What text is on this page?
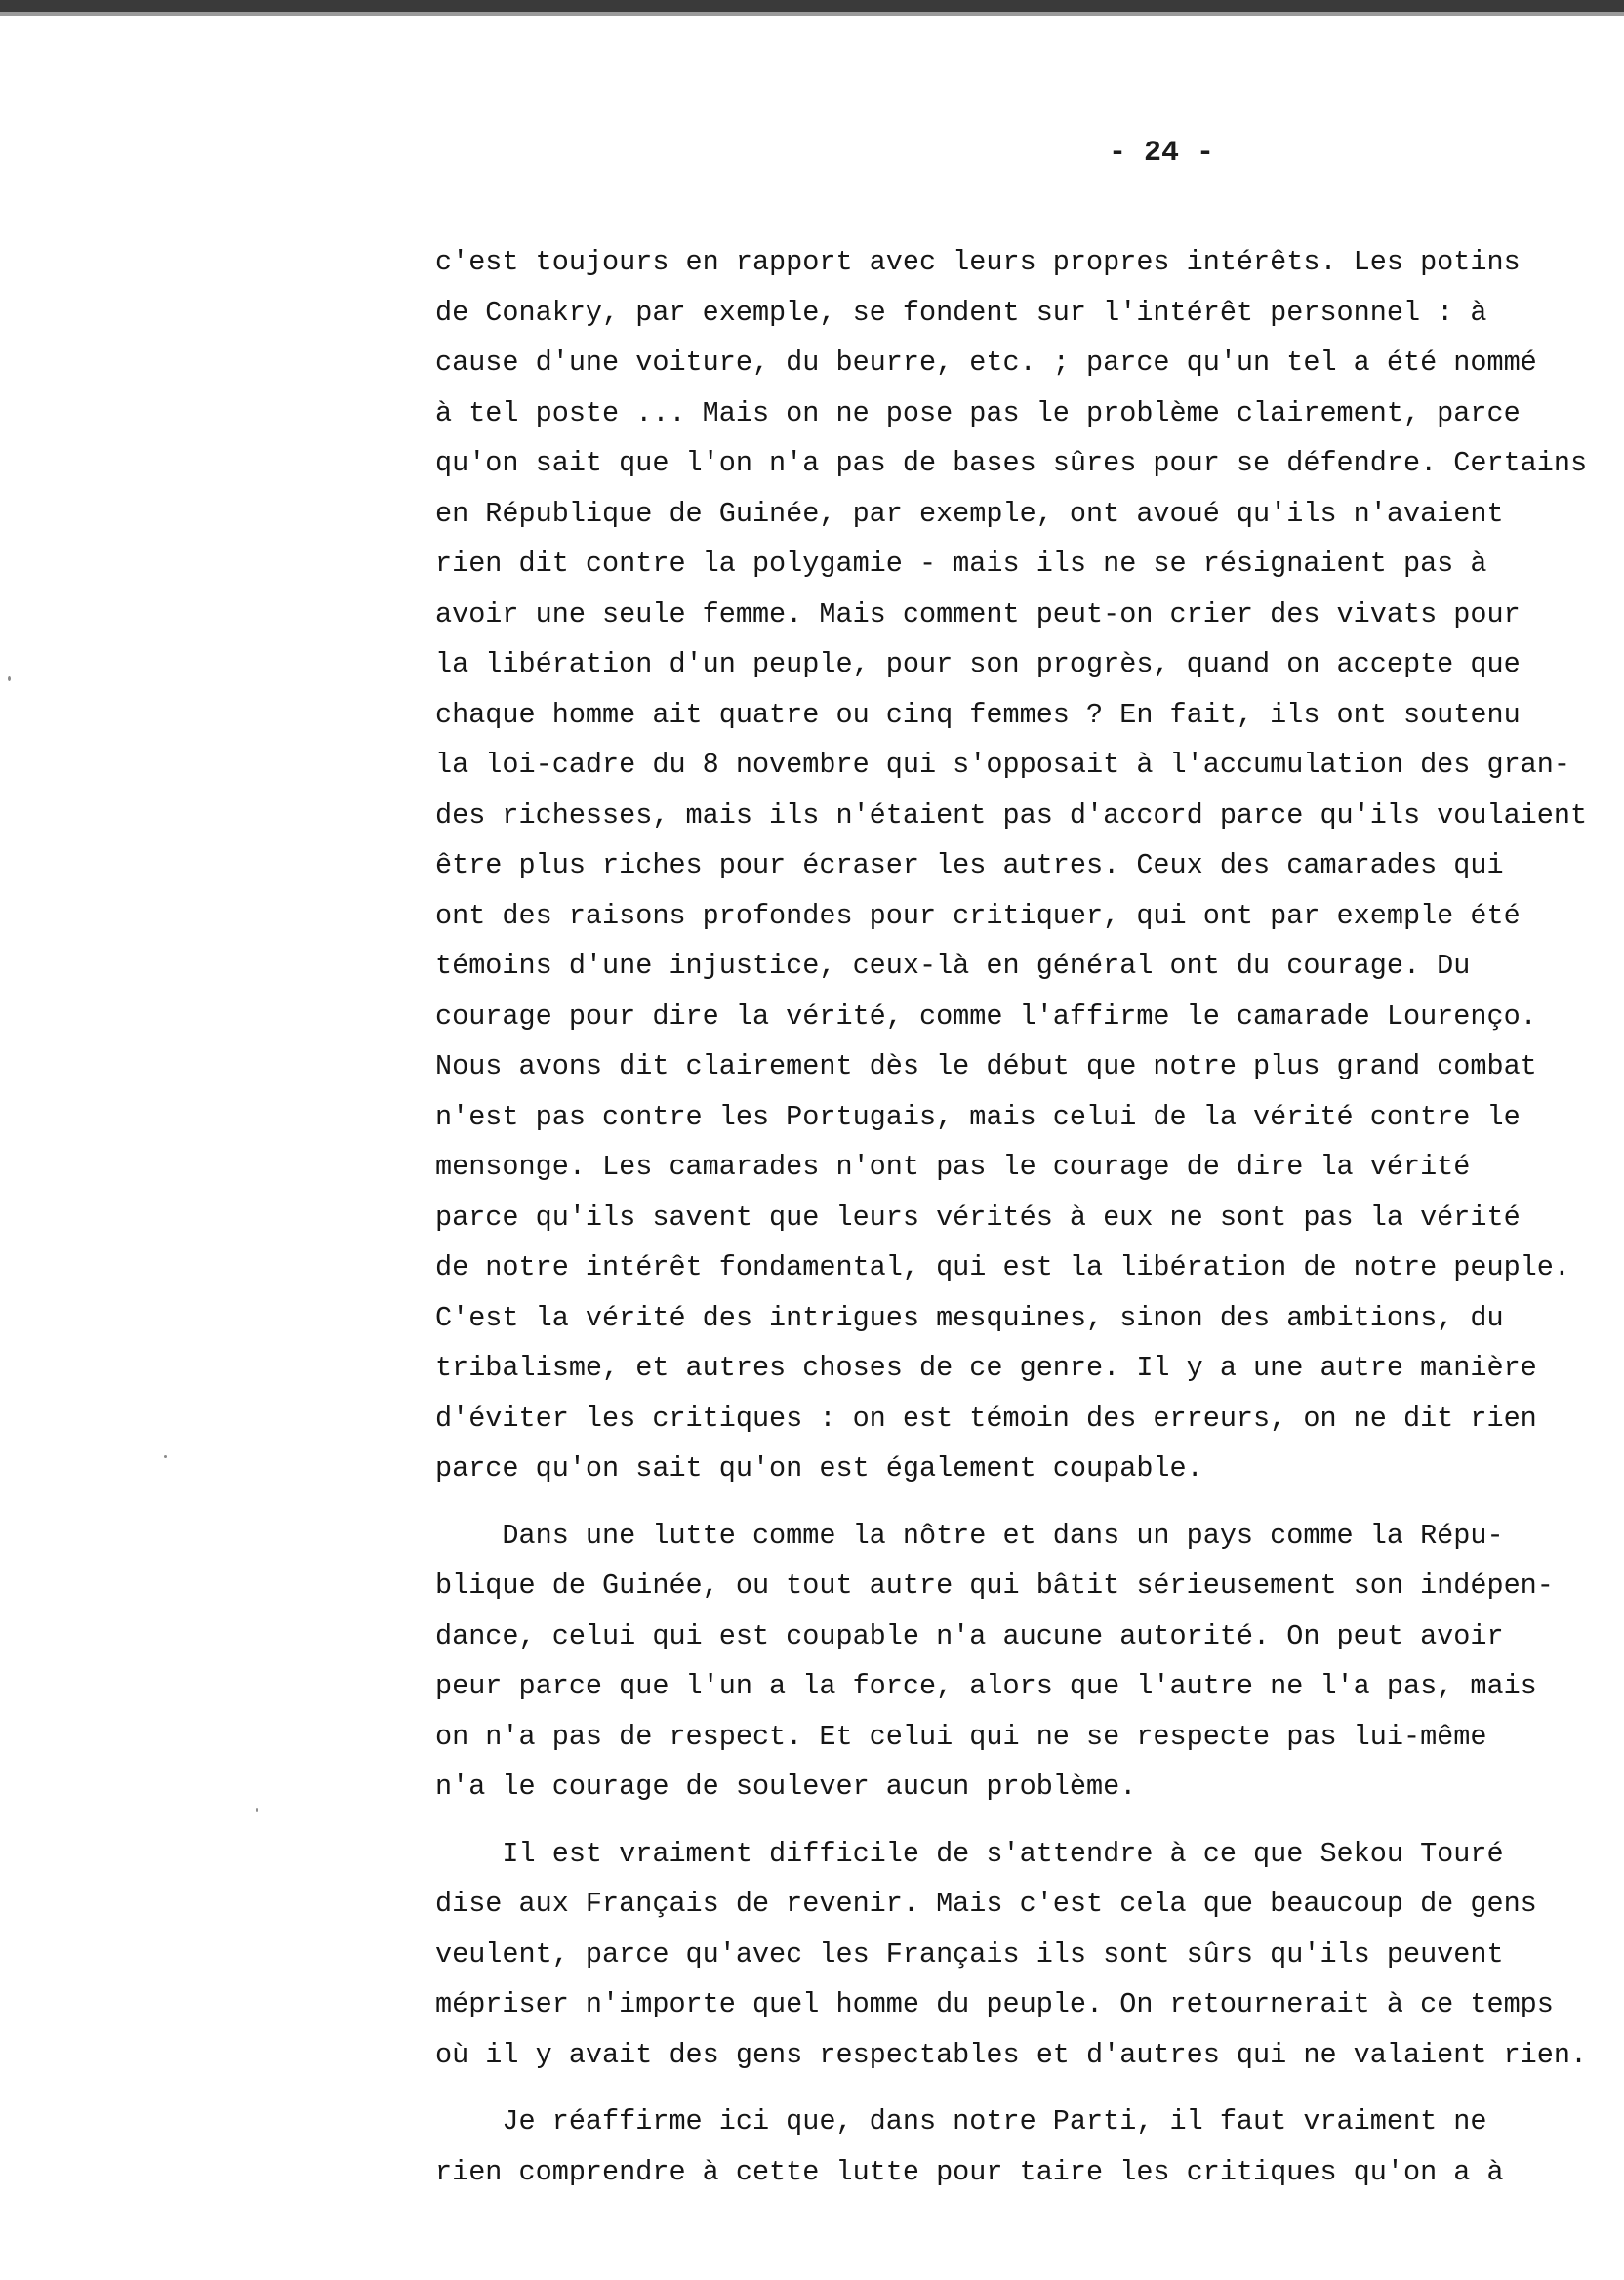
- 24 -
c'est toujours en rapport avec leurs propres intérêts. Les potins
de Conakry, par exemple, se fondent sur l'intérêt personnel : à
cause d'une voiture, du beurre, etc. ; parce qu'un tel a été nommé
à tel poste ... Mais on ne pose pas le problème clairement, parce
qu'on sait que l'on n'a pas de bases sûres pour se défendre. Certains
en République de Guinée, par exemple, ont avoué qu'ils n'avaient
rien dit contre la polygamie - mais ils ne se résignaient pas à
avoir une seule femme. Mais comment peut-on crier des vivats pour
la libération d'un peuple, pour son progrès, quand on accepte que
chaque homme ait quatre ou cinq femmes ? En fait, ils ont soutenu
la loi-cadre du 8 novembre qui s'opposait à l'accumulation des gran-
des richesses, mais ils n'étaient pas d'accord parce qu'ils voulaient
être plus riches pour écraser les autres. Ceux des camarades qui
ont des raisons profondes pour critiquer, qui ont par exemple été
témoins d'une injustice, ceux-là en général ont du courage. Du
courage pour dire la vérité, comme l'affirme le camarade Lourenço.
Nous avons dit clairement dès le début que notre plus grand combat
n'est pas contre les Portugais, mais celui de la vérité contre le
mensonge. Les camarades n'ont pas le courage de dire la vérité
parce qu'ils savent que leurs vérités à eux ne sont pas la vérité
de notre intérêt fondamental, qui est la libération de notre peuple.
C'est la vérité des intrigues mesquines, sinon des ambitions, du
tribalisme, et autres choses de ce genre. Il y a une autre manière
d'éviter les critiques : on est témoin des erreurs, on ne dit rien
parce qu'on sait qu'on est également coupable.
Dans une lutte comme la nôtre et dans un pays comme la Répu-
blique de Guinée, ou tout autre qui bâtit sérieusement son indépen-
dance, celui qui est coupable n'a aucune autorité. On peut avoir
peur parce que l'un a la force, alors que l'autre ne l'a pas, mais
on n'a pas de respect. Et celui qui ne se respecte pas lui-même
n'a le courage de soulever aucun problème.
Il est vraiment difficile de s'attendre à ce que Sekou Touré
dise aux Français de revenir. Mais c'est cela que beaucoup de gens
veulent, parce qu'avec les Français ils sont sûrs qu'ils peuvent
mépriser n'importe quel homme du peuple. On retournerait à ce temps
où il y avait des gens respectables et d'autres qui ne valaient rien.
Je réaffirme ici que, dans notre Parti, il faut vraiment ne
rien comprendre à cette lutte pour taire les critiques qu'on a à
